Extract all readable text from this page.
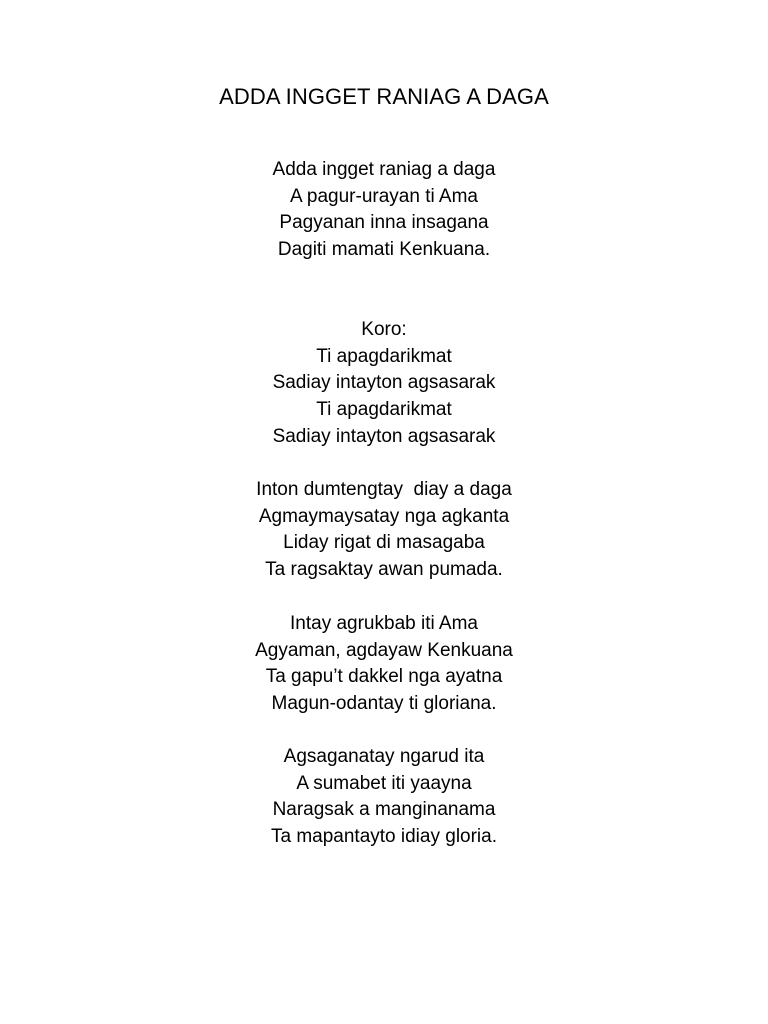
ADDA INGGET RANIAG A DAGA
Adda ingget raniag a daga
A pagur-urayan ti Ama
Pagyanan inna insagana
Dagiti mamati Kenkuana.
Koro:
Ti apagdarikmat
Sadiay intayton agsasarak
Ti apagdarikmat
Sadiay intayton agsasarak
Inton dumtengtay  diay a daga
Agmaymaysatay nga agkanta
Liday rigat di masagaba
Ta ragsaktay awan pumada.
Intay agrukbab iti Ama
Agyaman, agdayaw Kenkuana
Ta gapu’t dakkel nga ayatna
Magun-odantay ti gloriana.
Agsaganatay ngarud ita
A sumabet iti yaayna
Naragsak a manginanama
Ta mapantayto idiay gloria.
